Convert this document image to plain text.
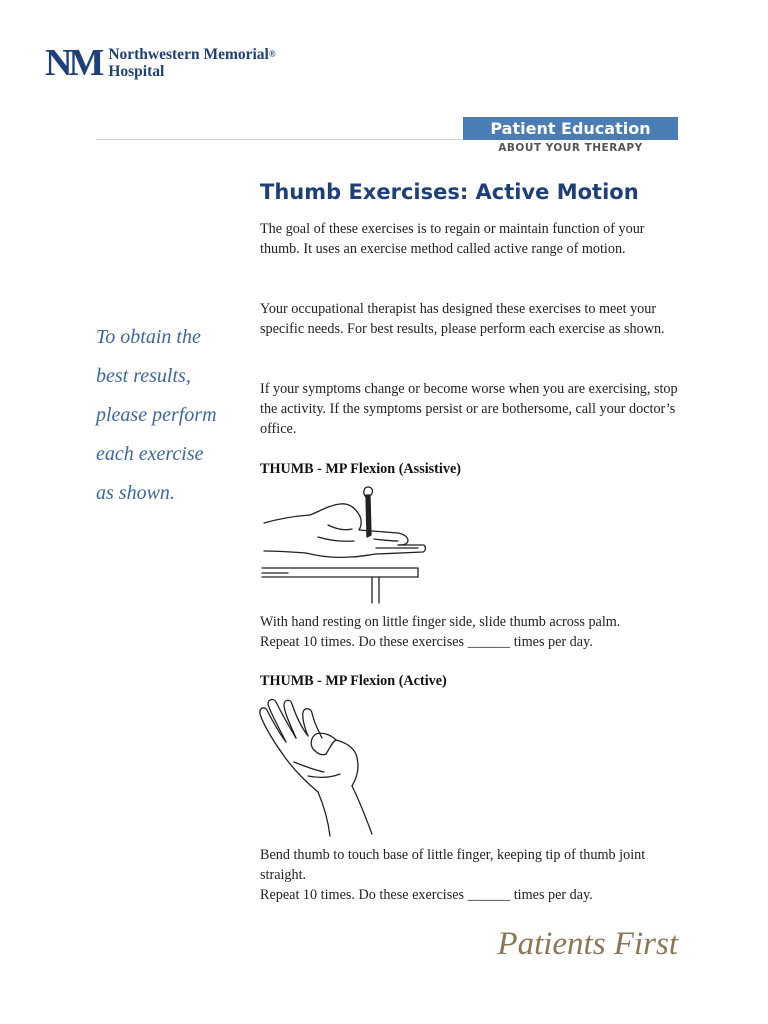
NM Northwestern Memorial®
Hospital
Patient Education
ABOUT YOUR THERAPY
Thumb Exercises: Active Motion
To obtain the
best results,
please perform
each exercise
as shown.
The goal of these exercises is to regain or maintain function of your thumb. It uses an exercise method called active range of motion.
Your occupational therapist has designed these exercises to meet your specific needs. For best results, please perform each exercise as shown.
If your symptoms change or become worse when you are exercising, stop the activity. If the symptoms persist or are bothersome, call your doctor’s office.
THUMB - MP Flexion (Assistive)
With hand resting on little finger side, slide thumb across palm.
Repeat 10 times. Do these exercises ______ times per day.
THUMB - MP Flexion (Active)
Bend thumb to touch base of little finger, keeping tip of thumb joint straight.
Repeat 10 times. Do these exercises ______ times per day.
Patients First
